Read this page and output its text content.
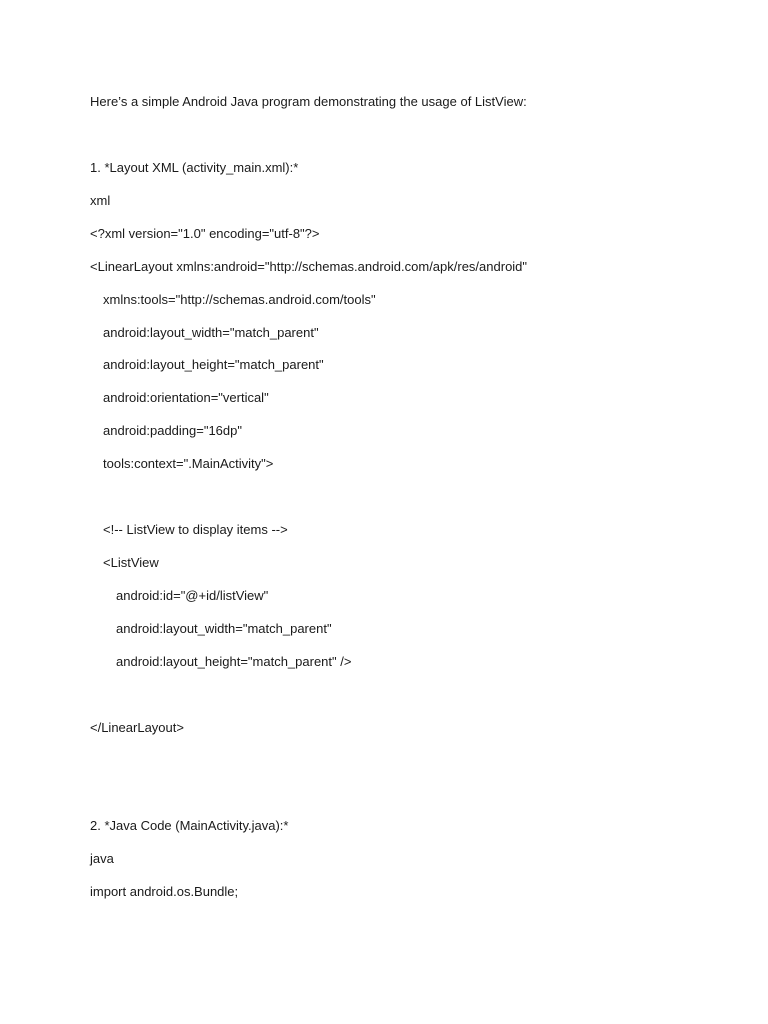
Here’s a simple Android Java program demonstrating the usage of ListView:
1. *Layout XML (activity_main.xml):*
xml
<?xml version="1.0" encoding="utf-8"?>
<LinearLayout xmlns:android="http://schemas.android.com/apk/res/android"
xmlns:tools="http://schemas.android.com/tools"
android:layout_width="match_parent"
android:layout_height="match_parent"
android:orientation="vertical"
android:padding="16dp"
tools:context=".MainActivity">
<!-- ListView to display items -->
<ListView
android:id="@+id/listView"
android:layout_width="match_parent"
android:layout_height="match_parent" />
</LinearLayout>
2. *Java Code (MainActivity.java):*
java
import android.os.Bundle;
